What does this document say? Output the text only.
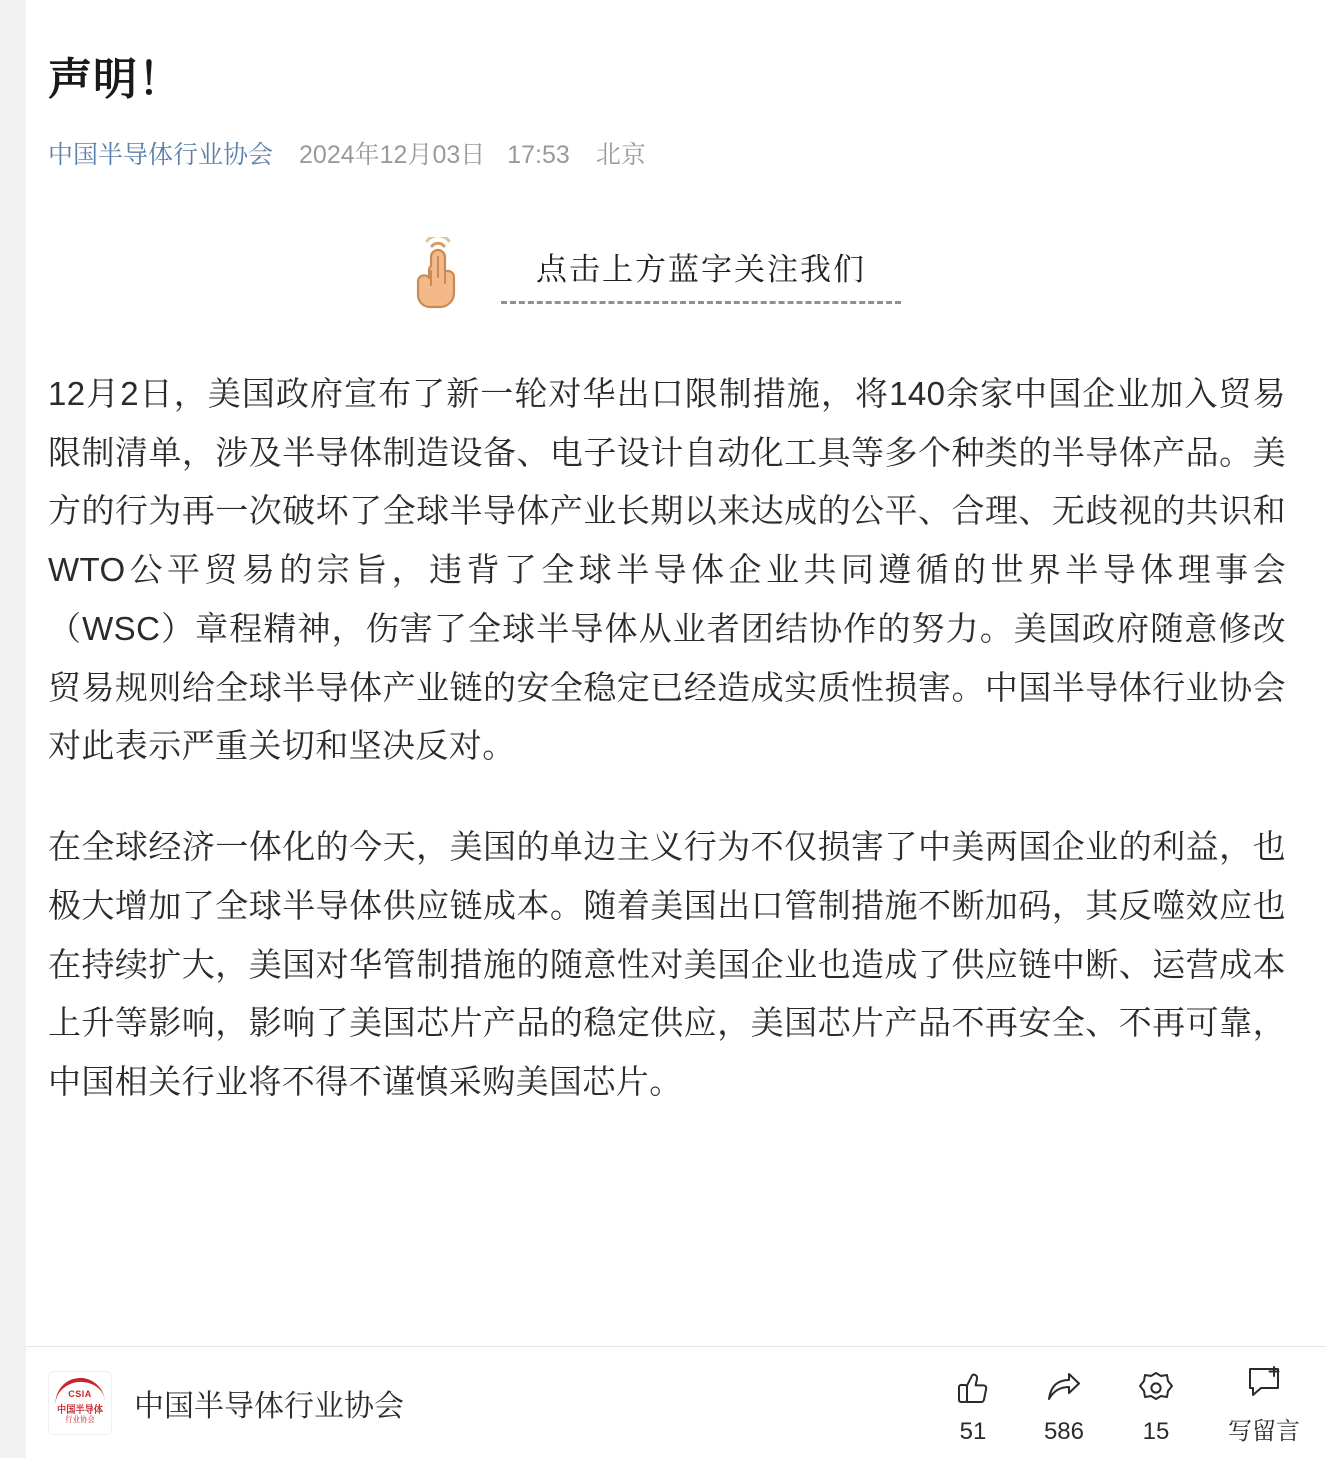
声明！
中国半导体行业协会 2024年12月03日 17:53 北京
点击上方蓝字关注我们

12月2日，美国政府宣布了新一轮对华出口限制措施，将140余家中国企业加入贸易限制清单，涉及半导体制造设备、电子设计自动化工具等多个种类的半导体产品。美方的行为再一次破坏了全球半导体产业长期以来达成的公平、合理、无歧视的共识和WTO公平贸易的宗旨，违背了全球半导体企业共同遵循的世界半导体理事会（WSC）章程精神，伤害了全球半导体从业者团结协作的努力。美国政府随意修改贸易规则给全球半导体产业链的安全稳定已经造成实质性损害。中国半导体行业协会对此表示严重关切和坚决反对。

在全球经济一体化的今天，美国的单边主义行为不仅损害了中美两国企业的利益，也极大增加了全球半导体供应链成本。随着美国出口管制措施不断加码，其反噬效应也在持续扩大，美国对华管制措施的随意性对美国企业也造成了供应链中断、运营成本上升等影响，影响了美国芯片产品的稳定供应，美国芯片产品不再安全、不再可靠，中国相关行业将不得不谨慎采购美国芯片。

CSIA
中国半导体
行业协会	中国半导体行业协会
51 586 15 写留言
